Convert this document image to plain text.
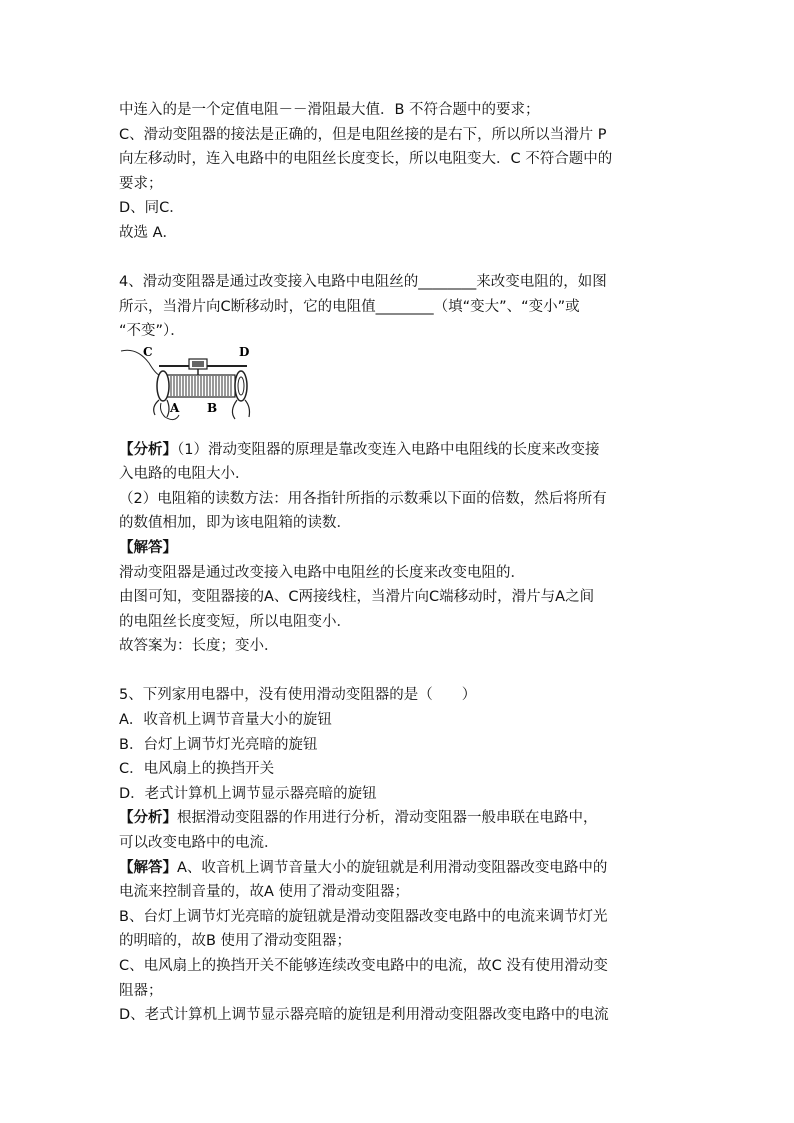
中连入的是一个定值电阻－－滑阻最大值．B 不符合题中的要求；
C、滑动变阻器的接法是正确的，但是电阻丝接的是右下，所以所以当滑片 P
向左移动时，连入电路中的电阻丝长度变长，所以电阻变大．C 不符合题中的
要求；
D、同C．
故选 A．
4、滑动变阻器是通过改变接入电路中电阻丝的________来改变电阻的，如图
所示，当滑片向C断移动时，它的电阻值________（填“变大”、“变小”或
“不变”）．
C	D
A B
【分析】（1）滑动变阻器的原理是靠改变连入电路中电阻线的长度来改变接
入电路的电阻大小．
（2）电阻箱的读数方法：用各指针所指的示数乘以下面的倍数，然后将所有
的数值相加，即为该电阻箱的读数．
【解答】
滑动变阻器是通过改变接入电路中电阻丝的长度来改变电阻的．
由图可知，变阻器接的A、C两接线柱，当滑片向C端移动时，滑片与A之间
的电阻丝长度变短，所以电阻变小．
故答案为：长度；变小．
5、下列家用电器中，没有使用滑动变阻器的是（　　）
A．收音机上调节音量大小的旋钮
B．台灯上调节灯光亮暗的旋钮
C．电风扇上的换挡开关
D．老式计算机上调节显示器亮暗的旋钮
【分析】根据滑动变阻器的作用进行分析，滑动变阻器一般串联在电路中，
可以改变电路中的电流．
【解答】A、收音机上调节音量大小的旋钮就是利用滑动变阻器改变电路中的
电流来控制音量的，故A 使用了滑动变阻器；
B、台灯上调节灯光亮暗的旋钮就是滑动变阻器改变电路中的电流来调节灯光
的明暗的，故B 使用了滑动变阻器；
C、电风扇上的换挡开关不能够连续改变电路中的电流，故C 没有使用滑动变
阻器；
D、老式计算机上调节显示器亮暗的旋钮是利用滑动变阻器改变电路中的电流
